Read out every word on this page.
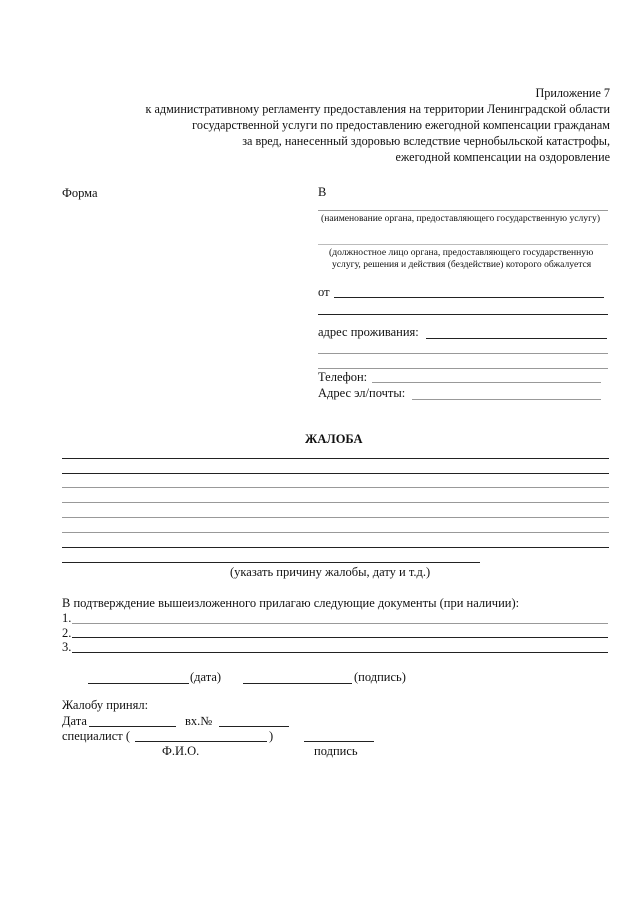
Приложение 7
к административному регламенту предоставления на территории Ленинградской области
государственной услуги по предоставлению ежегодной компенсации гражданам
за вред, нанесенный здоровью вследствие чернобыльской катастрофы,
ежегодной компенсации на оздоровление
Форма	В
(наименование органа, предоставляющего государственную услугу)
(должностное лицо органа, предоставляющего государственную
услугу, решения и действия (бездействие) которого обжалуется
от
адрес проживания:
Телефон:
Адрес эл/почты:
ЖАЛОБА
(указать причину жалобы, дату и т.д.)
В подтверждение вышеизложенного прилагаю следующие документы (при наличии):
1.
2.
3.
(дата)	(подпись)
Жалобу принял:
Дата	вх.№
специалист (	)
Ф.И.О.	подпись
